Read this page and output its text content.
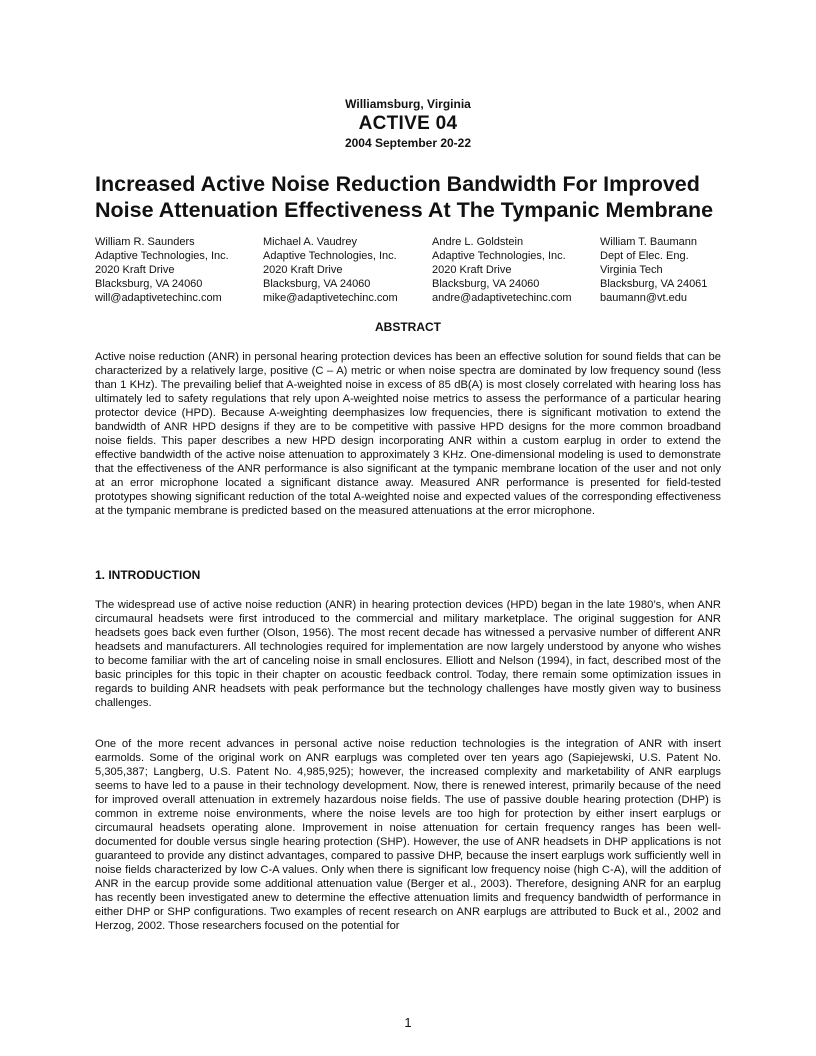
Williamsburg, Virginia
ACTIVE 04
2004 September 20-22
Increased Active Noise Reduction Bandwidth For Improved
Noise Attenuation Effectiveness At The Tympanic Membrane
William R. Saunders
Adaptive Technologies, Inc.
2020 Kraft Drive
Blacksburg, VA 24060
will@adaptivetechinc.com
Michael A. Vaudrey
Adaptive Technologies, Inc.
2020 Kraft Drive
Blacksburg, VA 24060
mike@adaptivetechinc.com
Andre L. Goldstein
Adaptive Technologies, Inc.
2020 Kraft Drive
Blacksburg, VA 24060
andre@adaptivetechinc.com
William T. Baumann
Dept of Elec. Eng.
Virginia Tech
Blacksburg, VA 24061
baumann@vt.edu
ABSTRACT

Active noise reduction (ANR) in personal hearing protection devices has been an effective solution for sound fields that can be characterized by a relatively large, positive (C – A) metric or when noise spectra are dominated by low frequency sound (less than 1 KHz). The prevailing belief that A-weighted noise in excess of 85 dB(A) is most closely correlated with hearing loss has ultimately led to safety regulations that rely upon A-weighted noise metrics to assess the performance of a particular hearing protector device (HPD). Because A-weighting deemphasizes low frequencies, there is significant motivation to extend the bandwidth of ANR HPD designs if they are to be competitive with passive HPD designs for the more common broadband noise fields. This paper describes a new HPD design incorporating ANR within a custom earplug in order to extend the effective bandwidth of the active noise attenuation to approximately 3 KHz. One-dimensional modeling is used to demonstrate that the effectiveness of the ANR performance is also significant at the tympanic membrane location of the user and not only at an error microphone located a significant distance away. Measured ANR performance is presented for field-tested prototypes showing significant reduction of the total A-weighted noise and expected values of the corresponding effectiveness at the tympanic membrane is predicted based on the measured attenuations at the error microphone.

1. INTRODUCTION

The widespread use of active noise reduction (ANR) in hearing protection devices (HPD) began in the late 1980’s, when ANR circumaural headsets were first introduced to the commercial and military marketplace. The original suggestion for ANR headsets goes back even further (Olson, 1956). The most recent decade has witnessed a pervasive number of different ANR headsets and manufacturers. All technologies required for implementation are now largely understood by anyone who wishes to become familiar with the art of canceling noise in small enclosures. Elliott and Nelson (1994), in fact, described most of the basic principles for this topic in their chapter on acoustic feedback control. Today, there remain some optimization issues in regards to building ANR headsets with peak performance but the technology challenges have mostly given way to business challenges.

One of the more recent advances in personal active noise reduction technologies is the integration of ANR with insert earmolds. Some of the original work on ANR earplugs was completed over ten years ago (Sapiejewski, U.S. Patent No. 5,305,387; Langberg, U.S. Patent No. 4,985,925); however, the increased complexity and marketability of ANR earplugs seems to have led to a pause in their technology development. Now, there is renewed interest, primarily because of the need for improved overall attenuation in extremely hazardous noise fields. The use of passive double hearing protection (DHP) is common in extreme noise environments, where the noise levels are too high for protection by either insert earplugs or circumaural headsets operating alone. Improvement in noise attenuation for certain frequency ranges has been well-documented for double versus single hearing protection (SHP). However, the use of ANR headsets in DHP applications is not guaranteed to provide any distinct advantages, compared to passive DHP, because the insert earplugs work sufficiently well in noise fields characterized by low C-A values. Only when there is significant low frequency noise (high C-A), will the addition of ANR in the earcup provide some additional attenuation value (Berger et al., 2003). Therefore, designing ANR for an earplug has recently been investigated anew to determine the effective attenuation limits and frequency bandwidth of performance in either DHP or SHP configurations. Two examples of recent research on ANR earplugs are attributed to Buck et al., 2002 and Herzog, 2002. Those researchers focused on the potential for

1
